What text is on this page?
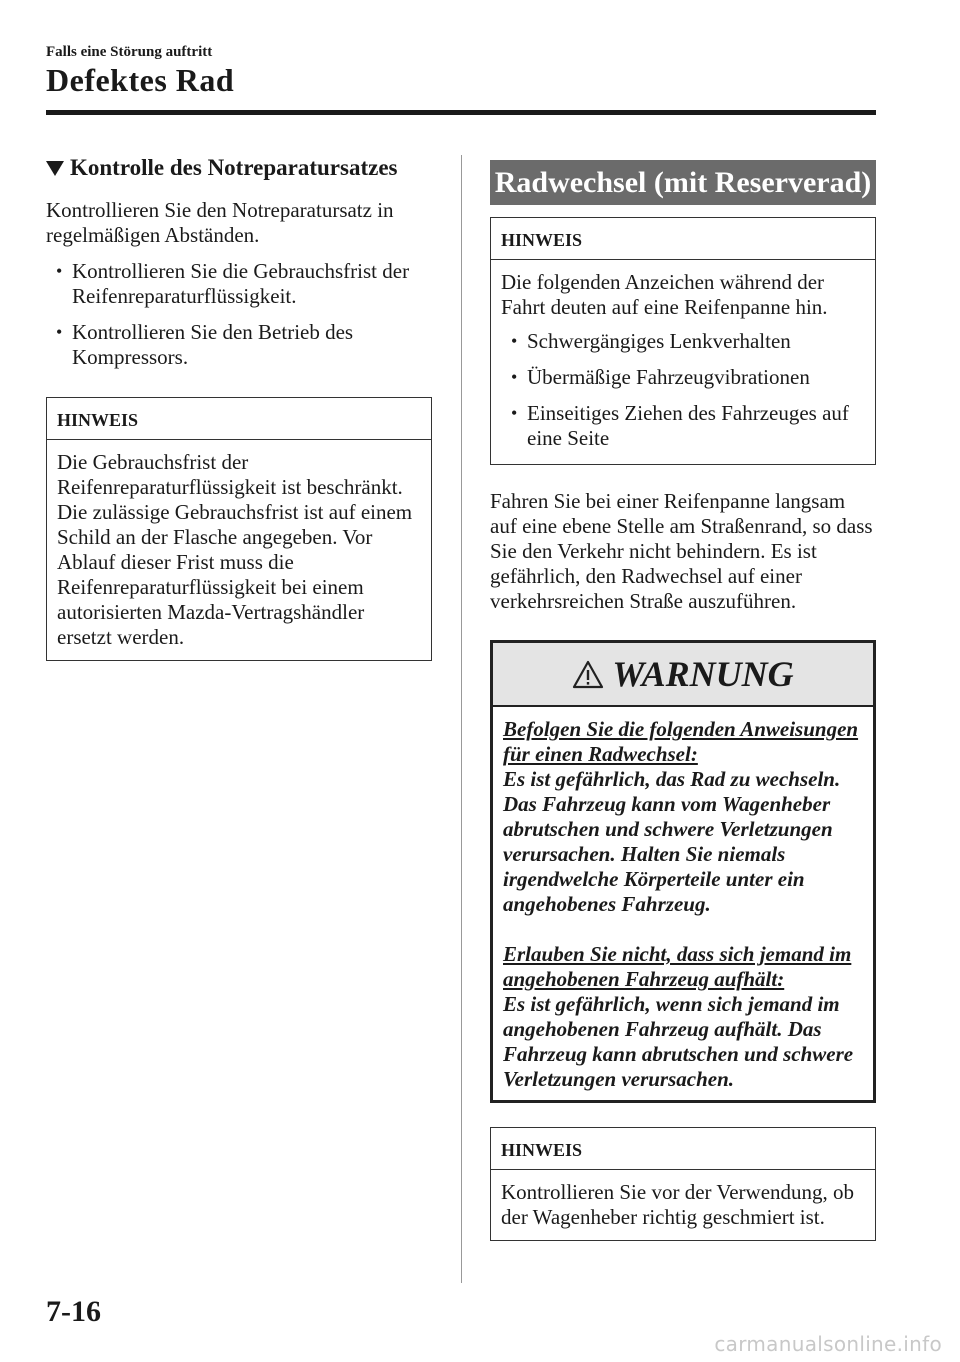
Falls eine Störung auftritt
Defektes Rad
Kontrolle des Notreparatursatzes

Kontrollieren Sie den Notreparatursatz in regelmäßigen Abständen.

• Kontrollieren Sie die Gebrauchsfrist der Reifenreparaturflüssigkeit.
• Kontrollieren Sie den Betrieb des Kompressors.
HINWEIS

Die Gebrauchsfrist der Reifenreparaturflüssigkeit ist beschränkt. Die zulässige Gebrauchsfrist ist auf einem Schild an der Flasche angegeben. Vor Ablauf dieser Frist muss die Reifenreparaturflüssigkeit bei einem autorisierten Mazda-Vertragshändler ersetzt werden.

Radwechsel (mit Reserverad)
HINWEIS

Die folgenden Anzeichen während der Fahrt deuten auf eine Reifenpanne hin.

• Schwergängiges Lenkverhalten
• Übermäßige Fahrzeugvibrationen
• Einseitiges Ziehen des Fahrzeuges auf eine Seite

Fahren Sie bei einer Reifenpanne langsam auf eine ebene Stelle am Straßenrand, so dass Sie den Verkehr nicht behindern. Es ist gefährlich, den Radwechsel auf einer verkehrsreichen Straße auszuführen.

WARNUNG

Befolgen Sie die folgenden Anweisungen für einen Radwechsel:

Es ist gefährlich, das Rad zu wechseln. Das Fahrzeug kann vom Wagenheber abrutschen und schwere Verletzungen verursachen. Halten Sie niemals irgendwelche Körperteile unter ein angehobenes Fahrzeug.

Erlauben Sie nicht, dass sich jemand im angehobenen Fahrzeug aufhält:

Es ist gefährlich, wenn sich jemand im angehobenen Fahrzeug aufhält. Das Fahrzeug kann abrutschen und schwere Verletzungen verursachen.

HINWEIS

Kontrollieren Sie vor der Verwendung, ob der Wagenheber richtig geschmiert ist.

7-16
carmanualsonline.info
